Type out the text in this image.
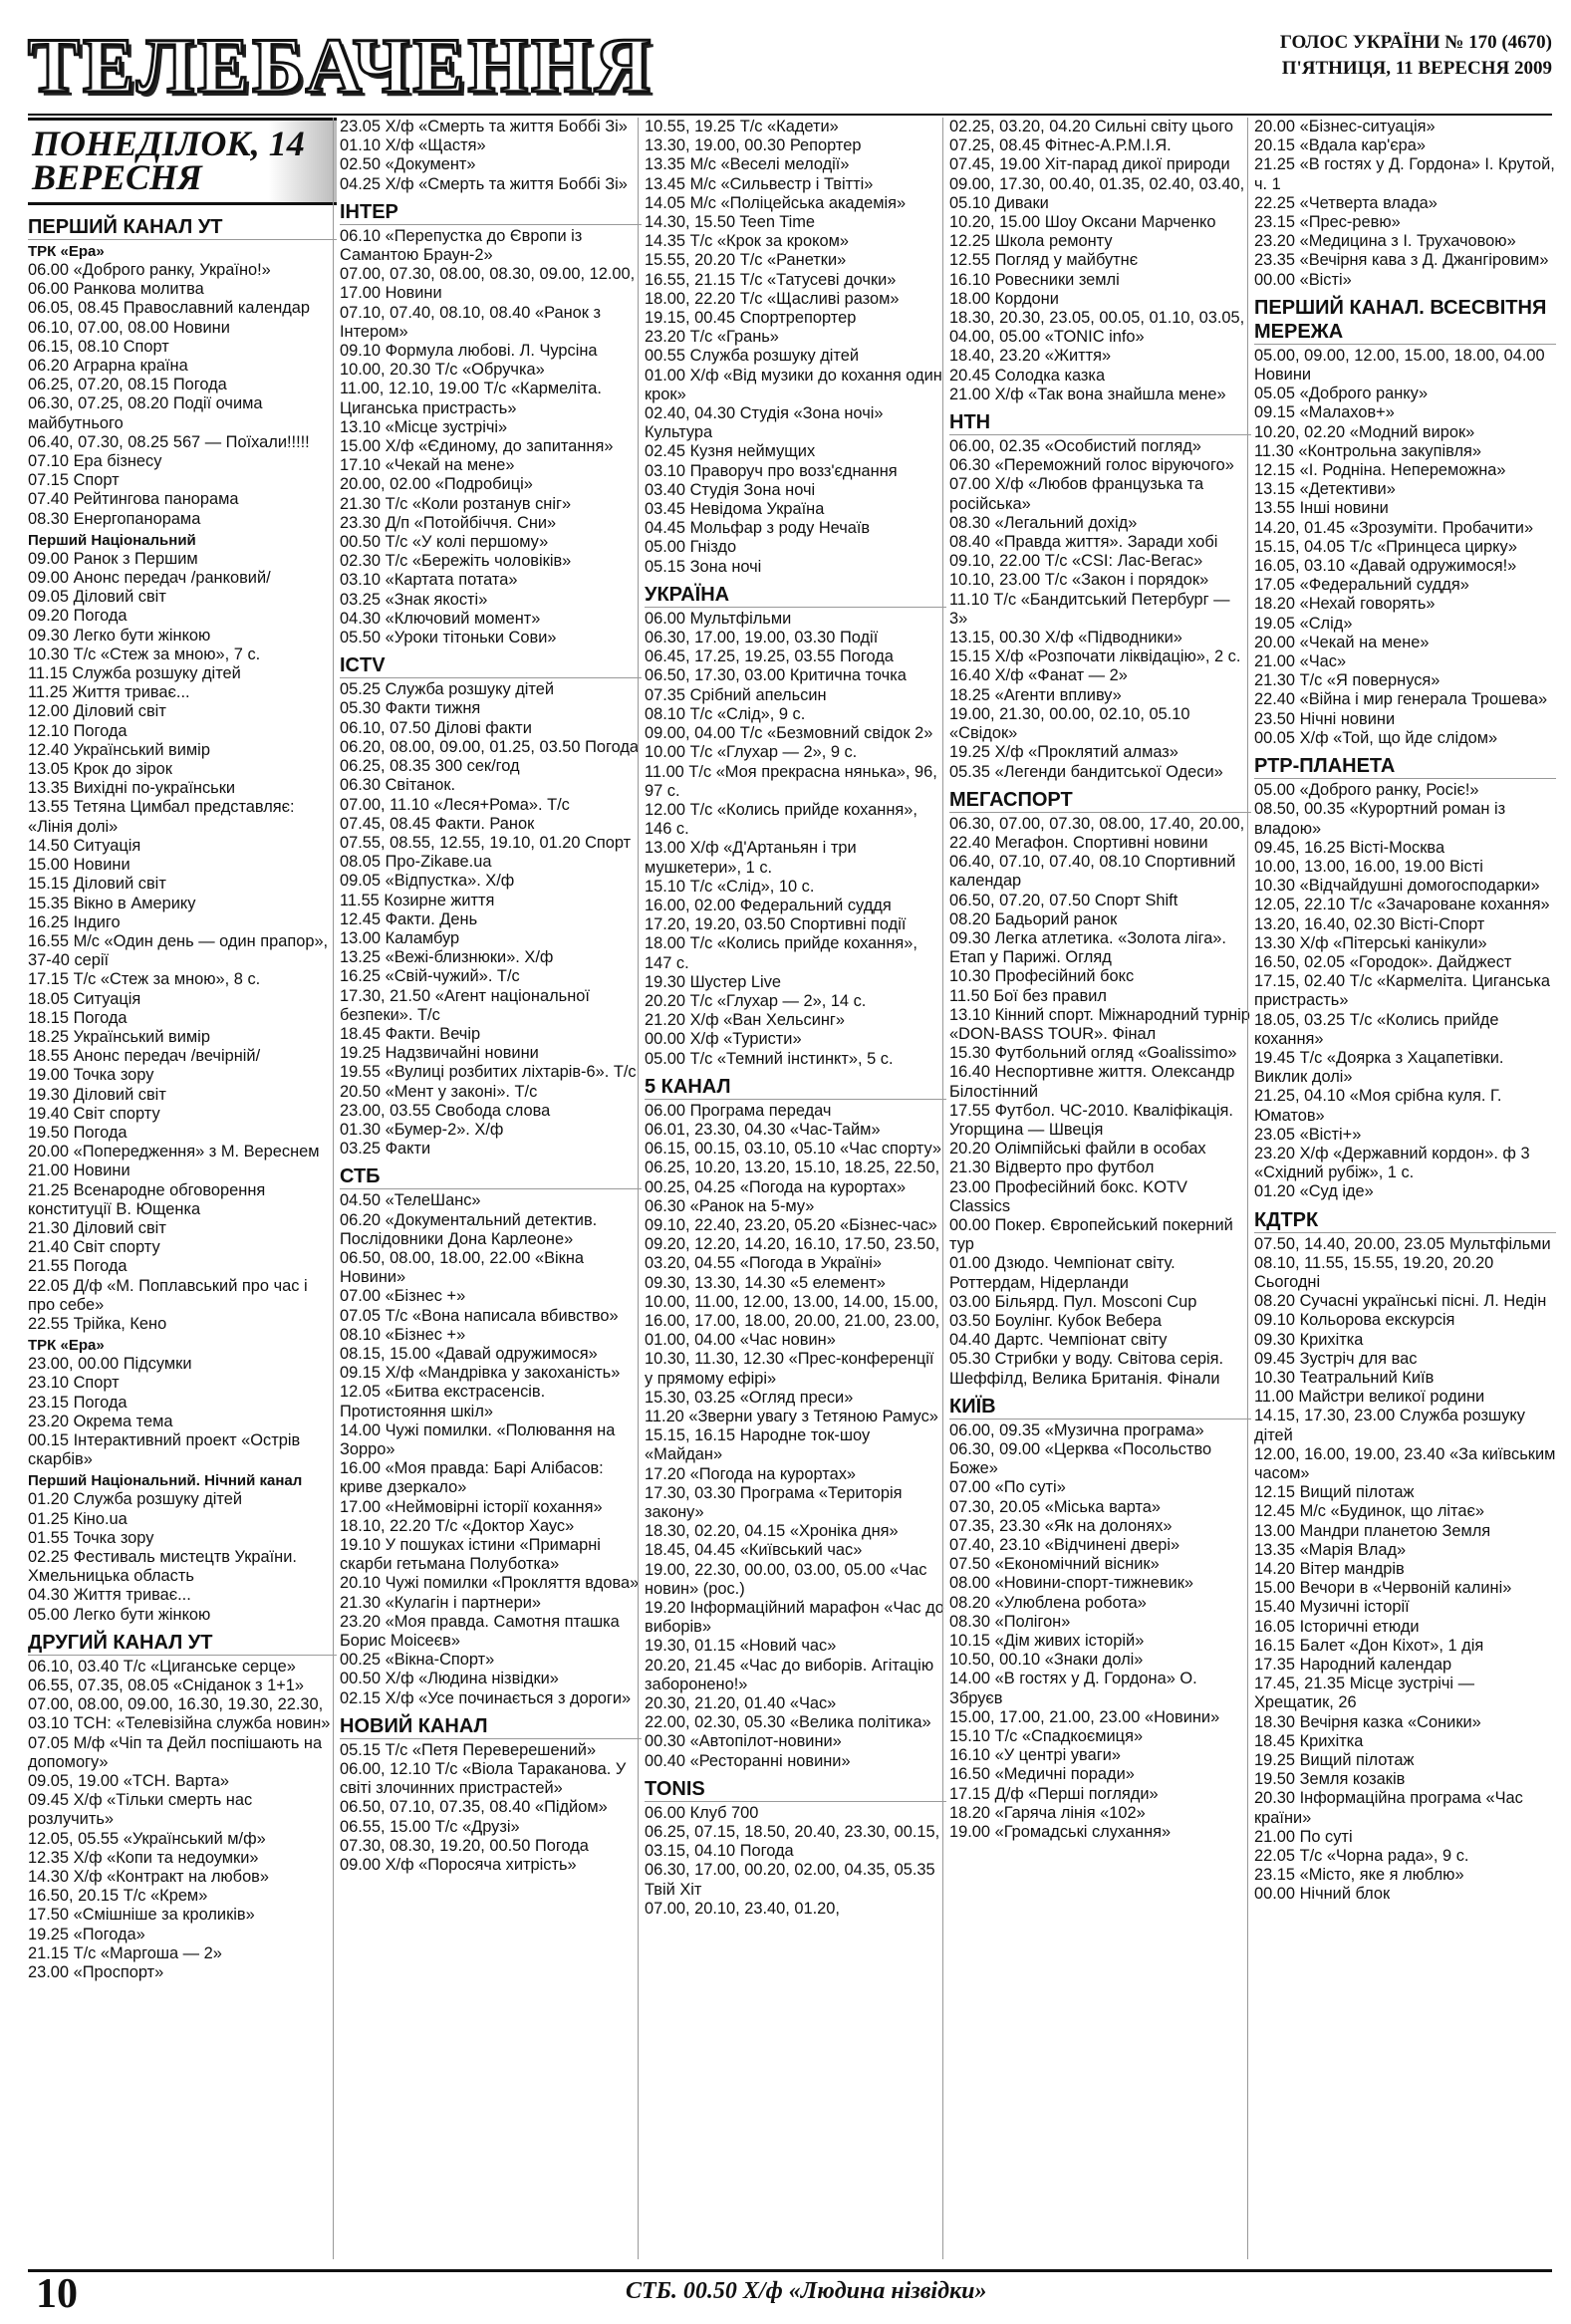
ТЕЛЕБАЧЕННЯ	ГОЛОС УКРАЇНИ № 170 (4670)
П'ЯТНИЦЯ, 11 ВЕРЕСНЯ 2009
ПОНЕДІЛОК, 14 ВЕРЕСНЯ
ПЕРШИЙ КАНАЛ УТ
ТРК «Ера»
06.00 «Доброго ранку, Україно!»
06.00 Ранкова молитва
06.05, 08.45 Православний календар
06.10, 07.00, 08.00 Новини
06.15, 08.10 Спорт
06.20 Аграрна країна
06.25, 07.20, 08.15 Погода
06.30, 07.25, 08.20 Події очима майбутнього
06.40, 07.30, 08.25 567 — Поїхали!!!!!
07.10 Ера бізнесу
07.15 Спорт
07.40 Рейтингова панорама
08.30 Енергопанорама
Перший Національний
09.00 Ранок з Першим
09.00 Анонс передач /ранковий/
09.05 Діловий світ
09.20 Погода
09.30 Легко бути жінкою
10.30 Т/с «Стеж за мною», 7 с.
11.15 Служба розшуку дітей
11.25 Життя триває...
12.00 Діловий світ
12.10 Погода
12.40 Український вимір
13.05 Крок до зірок
13.35 Вихідні по-українськи
13.55 Тетяна Цимбал представляє: «Лінія долі»
14.50 Ситуація
15.00 Новини
15.15 Діловий світ
15.35 Вікно в Америку
16.25 Індиго
16.55 М/с «Один день — один прапор», 37-40 серії
17.15 Т/с «Стеж за мною», 8 с.
18.05 Ситуація
18.15 Погода
18.25 Український вимір
18.55 Анонс передач /вечірній/
19.00 Точка зору
19.30 Діловий світ
19.40 Світ спорту
19.50 Погода
20.00 «Попередження» з М. Вереснем
21.00 Новини
21.25 Всенародне обговорення конституції В. Ющенка
21.30 Діловий світ
21.40 Світ спорту
21.55 Погода
22.05 Д/ф «М. Поплавський про час і про себе»
22.55 Трійка, Кено
ТРК «Ера»
23.00, 00.00 Підсумки
23.10 Спорт
23.15 Погода
23.20 Окрема тема
00.15 Інтерактивний проект «Острів скарбів»
Перший Національний. Нічний канал
01.20 Служба розшуку дітей
01.25 Кіно.ua
01.55 Точка зору
02.25 Фестиваль мистецтв України. Хмельницька область
04.30 Життя триває...
05.00 Легко бути жінкою
ДРУГИЙ КАНАЛ УТ
06.10, 03.40 Т/с «Циганське серце»
06.55, 07.35, 08.05 «Сніданок з 1+1»
07.00, 08.00, 09.00, 16.30, 19.30, 22.30, 03.10 ТСН: «Телевізійна служба новин»
07.05 М/ф «Чіп та Дейл поспішають на допомогу»
09.05, 19.00 «ТСН. Варта»
09.45 Х/ф «Тільки смерть нас розлучить»
12.05, 05.55 «Український м/ф»
12.35 Х/ф «Копи та недоумки»
14.30 Х/ф «Контракт на любов»
16.50, 20.15 Т/с «Крем»
17.50 «Смішніше за кроликів»
19.25 «Погода»
21.15 Т/с «Маргоша — 2»
23.00 «Проспорт»
23.05 Х/ф «Смерть та життя Боббі Зі»
01.10 Х/ф «Щастя»
02.50 «Документ»
04.25 Х/ф «Смерть та життя Боббі Зі»
ІНТЕР
06.10 «Перепустка до Європи із Самантою Браун-2»
07.00, 07.30, 08.00, 08.30, 09.00, 12.00, 17.00 Новини
07.10, 07.40, 08.10, 08.40 «Ранок з Інтером»
09.10 Формула любові. Л. Чурсіна
10.00, 20.30 Т/с «Обручка»
11.00, 12.10, 19.00 Т/с «Кармеліта. Циганська пристрасть»
13.10 «Місце зустрічі»
15.00 Х/ф «Єдиному, до запитання»
17.10 «Чекай на мене»
20.00, 02.00 «Подробиці»
21.30 Т/с «Коли розтанув сніг»
23.30 Д/п «Потойбіччя. Сни»
00.50 Т/с «У колі першому»
02.30 Т/с «Бережіть чоловіків»
03.10 «Картата потата»
03.25 «Знак якості»
04.30 «Ключовий момент»
05.50 «Уроки тітоньки Сови»
ICTV
05.25 Служба розшуку дітей
05.30 Факти тижня
06.10, 07.50 Ділові факти
06.20, 08.00, 09.00, 01.25, 03.50 Погода
06.25, 08.35 300 сек/год
06.30 Світанок.
07.00, 11.10 «Леся+Рома». Т/с
07.45, 08.45 Факти. Ранок
07.55, 08.55, 12.55, 19.10, 01.20 Спорт
08.05 Про-Zikаве.ua
09.05 «Відпустка». Х/ф
11.55 Козирне життя
12.45 Факти. День
13.00 Каламбур
13.25 «Вежі-близнюки». Х/ф
16.25 «Свій-чужий». Т/с
17.30, 21.50 «Агент національної безпеки». Т/с
18.45 Факти. Вечір
19.25 Надзвичайні новини
19.55 «Вулиці розбитих ліхтарів-6». Т/с
20.50 «Мент у законі». Т/с
23.00, 03.55 Свобода слова
01.30 «Бумер-2». Х/ф
03.25 Факти
СТБ
04.50 «ТелеШанс»
06.20 «Документальний детектив. Послідовники Дона Карлеоне»
06.50, 08.00, 18.00, 22.00 «Вікна Новини»
07.00 «Бізнес +»
07.05 Т/с «Вона написала вбивство»
08.10 «Бізнес +»
08.15, 15.00 «Давай одружимося»
09.15 Х/ф «Мандрівка у закоханість»
12.05 «Битва екстрасенсів. Протистояння шкіл»
14.00 Чужі помилки. «Полювання на Зорро»
16.00 «Моя правда: Барі Алібасов: криве дзеркало»
17.00 «Неймовірні історії кохання»
18.10, 22.20 Т/с «Доктор Хаус»
19.10 У пошуках істини «Примарні скарби гетьмана Полуботка»
20.10 Чужі помилки «Прокляття вдова»
21.30 «Кулагін і партнери»
23.20 «Моя правда. Самотня пташка Борис Моісеєв»
00.25 «Вікна-Спорт»
00.50 Х/ф «Людина нізвідки»
02.15 Х/ф «Усе починається з дороги»
НОВИЙ КАНАЛ
05.15 Т/с «Петя Переверешений»
06.00, 12.10 Т/с «Віола Тараканова. У світі злочинних пристрастей»
06.50, 07.10, 07.35, 08.40 «Підйом»
06.55, 15.00 Т/с «Друзі»
07.30, 08.30, 19.20, 00.50 Погода
09.00 Х/ф «Поросяча хитрість»
10.55, 19.25 Т/с «Кадети»
13.30, 19.00, 00.30 Репортер
13.35 М/с «Веселі мелодії»
13.45 М/с «Сильвестр і Твітті»
14.05 М/с «Поліцейська академія»
14.30, 15.50 Teen Time
14.35 Т/с «Крок за кроком»
15.55, 20.20 Т/с «Ранетки»
16.55, 21.15 Т/с «Татусеві дочки»
18.00, 22.20 Т/с «Щасливі разом»
19.15, 00.45 Спортрепортер
23.20 Т/с «Грань»
00.55 Служба розшуку дітей
01.00 Х/ф «Від музики до кохання один крок»
02.40, 04.30 Студія «Зона ночі» Культура
02.45 Кузня неймущих
03.10 Праворуч про возз'єднання
03.40 Студія Зона ночі
03.45 Невідома Україна
04.45 Мольфар з роду Нечаїв
05.00 Гніздо
05.15 Зона ночі
УКРАЇНА
06.00 Мультфільми
06.30, 17.00, 19.00, 03.30 Події
06.45, 17.25, 19.25, 03.55 Погода
06.50, 17.30, 03.00 Критична точка
07.35 Срібний апельсин
08.10 Т/с «Слід», 9 с.
09.00, 04.00 Т/с «Безмовний свідок 2»
10.00 Т/с «Глухар — 2», 9 с.
11.00 Т/с «Моя прекрасна нянька», 96, 97 с.
12.00 Т/с «Колись прийде кохання», 146 с.
13.00 Х/ф «Д'Артаньян і три мушкетери», 1 с.
15.10 Т/с «Слід», 10 с.
16.00, 02.00 Федеральний суддя
17.20, 19.20, 03.50 Спортивні події
18.00 Т/с «Колись прийде кохання», 147 с.
19.30 Шустер Live
20.20 Т/с «Глухар — 2», 14 с.
21.20 Х/ф «Ван Хельсинг»
00.00 Х/ф «Туристи»
05.00 Т/с «Темний інстинкт», 5 с.
5 КАНАЛ
06.00 Програма передач
06.01, 23.30, 04.30 «Час-Тайм»
06.15, 00.15, 03.10, 05.10 «Час спорту»
06.25, 10.20, 13.20, 15.10, 18.25, 22.50, 00.25, 04.25 «Погода на курортах»
06.30 «Ранок на 5-му»
09.10, 22.40, 23.20, 05.20 «Бізнес-час»
09.20, 12.20, 14.20, 16.10, 17.50, 23.50, 03.20, 04.55 «Погода в Україні»
09.30, 13.30, 14.30 «5 елемент»
10.00, 11.00, 12.00, 13.00, 14.00, 15.00, 16.00, 17.00, 18.00, 20.00, 21.00, 23.00, 01.00, 04.00 «Час новин»
10.30, 11.30, 12.30 «Прес-конференції у прямому ефірі»
15.30, 03.25 «Огляд преси»
11.20 «Зверни увагу з Тетяною Рамус»
15.15, 16.15 Народне ток-шоу «Майдан»
17.20 «Погода на курортах»
17.30, 03.30 Програма «Територія закону»
18.30, 02.20, 04.15 «Хроніка дня»
18.45, 04.45 «Київський час»
19.00, 22.30, 00.00, 03.00, 05.00 «Час новин» (рос.)
19.20 Інформаційний марафон «Час до виборів»
19.30, 01.15 «Новий час»
20.20, 21.45 «Час до виборів. Агітацію заборонено!»
20.30, 21.20, 01.40 «Час»
22.00, 02.30, 05.30 «Велика політика»
00.30 «Автопілот-новини»
00.40 «Ресторанні новини»
TONIS
06.00 Клуб 700
06.25, 07.15, 18.50, 20.40, 23.30, 00.15, 03.15, 04.10 Погода
06.30, 17.00, 00.20, 02.00, 04.35, 05.35 Твій Хіт
07.00, 20.10, 23.40, 01.20,
02.25, 03.20, 04.20 Сильні світу цього
07.25, 08.45 Фітнес-А.Р.М.І.Я.
07.45, 19.00 Хіт-парад дикої природи
09.00, 17.30, 00.40, 01.35, 02.40, 03.40, 05.10 Диваки
10.20, 15.00 Шоу Оксани Марченко
12.25 Школа ремонту
12.55 Погляд у майбутнє
16.10 Ровесники землі
18.00 Кордони
18.30, 20.30, 23.05, 00.05, 01.10, 03.05, 04.00, 05.00 «TONIC info»
18.40, 23.20 «Життя»
20.45 Солодка казка
21.00 Х/ф «Так вона знайшла мене»
НТН
06.00, 02.35 «Особистий погляд»
06.30 «Переможний голос віруючого»
07.00 Х/ф «Любов французька та російська»
08.30 «Легальний дохід»
08.40 «Правда життя». Заради хобі
09.10, 22.00 Т/с «CSI: Лас-Вегас»
10.10, 23.00 Т/с «Закон і порядок»
11.10 Т/с «Бандитський Петербург — 3»
13.15, 00.30 Х/ф «Підводники»
15.15 Х/ф «Розпочати ліквідацію», 2 с.
16.40 Х/ф «Фанат — 2»
18.25 «Агенти впливу»
19.00, 21.30, 00.00, 02.10, 05.10 «Свідок»
19.25 Х/ф «Проклятий алмаз»
05.35 «Легенди бандитської Одеси»
МЕГАСПОРТ
06.30, 07.00, 07.30, 08.00, 17.40, 20.00, 22.40 Мегафон. Спортивні новини
06.40, 07.10, 07.40, 08.10 Спортивний календар
06.50, 07.20, 07.50 Спорт Shift
08.20 Бадьорий ранок
09.30 Легка атлетика. «Золота ліга». Етап у Парижі. Огляд
10.30 Професійний бокс
11.50 Бої без правил
13.10 Кінний спорт. Міжнародний турнір «DON-BASS TOUR». Фінал
15.30 Футбольний огляд «Goalissimo»
16.40 Неспортивне життя. Олександр Білостінний
17.55 Футбол. ЧС-2010. Кваліфікація. Угорщина — Швеція
20.20 Олімпійські файли в особах
21.30 Відверто про футбол
23.00 Професійний бокс. KOTV Classics
00.00 Покер. Європейський покерний тур
01.00 Дзюдо. Чемпіонат світу. Роттердам, Нідерланди
03.00 Більярд. Пул. Mosconi Cup
03.50 Боулінг. Кубок Вебера
04.40 Дартс. Чемпіонат світу
05.30 Стрибки у воду. Світова серія. Шеффілд, Велика Британія. Фінали
КИЇВ
06.00, 09.35 «Музична програма»
06.30, 09.00 «Церква «Посольство Боже»
07.00 «По суті»
07.30, 20.05 «Міська варта»
07.35, 23.30 «Як на долонях»
07.40, 23.10 «Відчинені двері»
07.50 «Економічний вісник»
08.00 «Новини-спорт-тижневик»
08.20 «Улюблена робота»
08.30 «Полігон»
10.15 «Дім живих історій»
10.50, 00.10 «Знаки долі»
14.00 «В гостях у Д. Гордона» О. Збруєв
15.00, 17.00, 21.00, 23.00 «Новини»
15.10 Т/с «Спадкоємиця»
16.10 «У центрі уваги»
16.50 «Медичні поради»
17.15 Д/ф «Перші погляди»
18.20 «Гаряча лінія «102»
19.00 «Громадські слухання»
20.00 «Бізнес-ситуація»
20.15 «Вдала кар'єра»
21.25 «В гостях у Д. Гордона» І. Крутой, ч. 1
22.25 «Четверта влада»
23.15 «Прес-ревю»
23.20 «Медицина з І. Трухачовою»
23.35 «Вечірня кава з Д. Джангіровим»
00.00 «Вісті»
ПЕРШИЙ КАНАЛ. ВСЕСВІТНЯ МЕРЕЖА
05.00, 09.00, 12.00, 15.00, 18.00, 04.00 Новини
05.05 «Доброго ранку»
09.15 «Малахов+»
10.20, 02.20 «Модний вирок»
11.30 «Контрольна закупівля»
12.15 «І. Родніна. Непереможна»
13.15 «Детективи»
13.55 Інші новини
14.20, 01.45 «Зрозуміти. Пробачити»
15.15, 04.05 Т/с «Принцеса цирку»
16.05, 03.10 «Давай одружимося!»
17.05 «Федеральний суддя»
18.20 «Нехай говорять»
19.05 «Слід»
20.00 «Чекай на мене»
21.00 «Час»
21.30 Т/с «Я повернуся»
22.40 «Війна і мир генерала Трошева»
23.50 Нічні новини
00.05 Х/ф «Той, що йде слідом»
РТР-ПЛАНЕТА
05.00 «Доброго ранку, Росіє!»
08.50, 00.35 «Курортний роман із владою»
09.45, 16.25 Вісті-Москва
10.00, 13.00, 16.00, 19.00 Вісті
10.30 «Відчайдушні домогосподарки»
12.05, 22.10 Т/с «Зачароване кохання»
13.20, 16.40, 02.30 Вісті-Спорт
13.30 Х/ф «Пітерські канікули»
16.50, 02.05 «Городок». Дайджест
17.15, 02.40 Т/с «Кармеліта. Циганська пристрасть»
18.05, 03.25 Т/с «Колись прийде кохання»
19.45 Т/с «Доярка з Хацапетівки. Виклик долі»
21.25, 04.10 «Моя срібна куля. Г. Юматов»
23.05 «Вісті+»
23.20 Х/ф «Державний кордон». ф 3 «Східний рубіж», 1 с.
01.20 «Суд іде»
КДТРК
07.50, 14.40, 20.00, 23.05 Мультфільми
08.10, 11.55, 15.55, 19.20, 20.20 Сьогодні
08.20 Сучасні українські пісні. Л. Недін
09.10 Кольорова екскурсія
09.30 Крихітка
09.45 Зустріч для вас
10.30 Театральний Київ
11.00 Майстри великої родини
14.15, 17.30, 23.00 Служба розшуку дітей
12.00, 16.00, 19.00, 23.40 «За київським часом»
12.15 Вищий пілотаж
12.45 М/с «Будинок, що літає»
13.00 Мандри планетою Земля
13.35 «Марія Влад»
14.20 Вітер мандрів
15.00 Вечори в «Червоній калині»
15.40 Музичні історії
16.05 Історичні етюди
16.15 Балет «Дон Кіхот», 1 дія
17.35 Народний календар
17.45, 21.35 Місце зустрічі — Хрещатик, 26
18.30 Вечірня казка «Соники»
18.45 Крихітка
19.25 Вищий пілотаж
19.50 Земля козаків
20.30 Інформаційна програма «Час країни»
21.00 По суті
22.05 Т/с «Чорна рада», 9 с.
23.15 «Місто, яке я люблю»
00.00 Нічний блок
10	СТБ. 00.50 Х/ф «Людина нізвідки»
